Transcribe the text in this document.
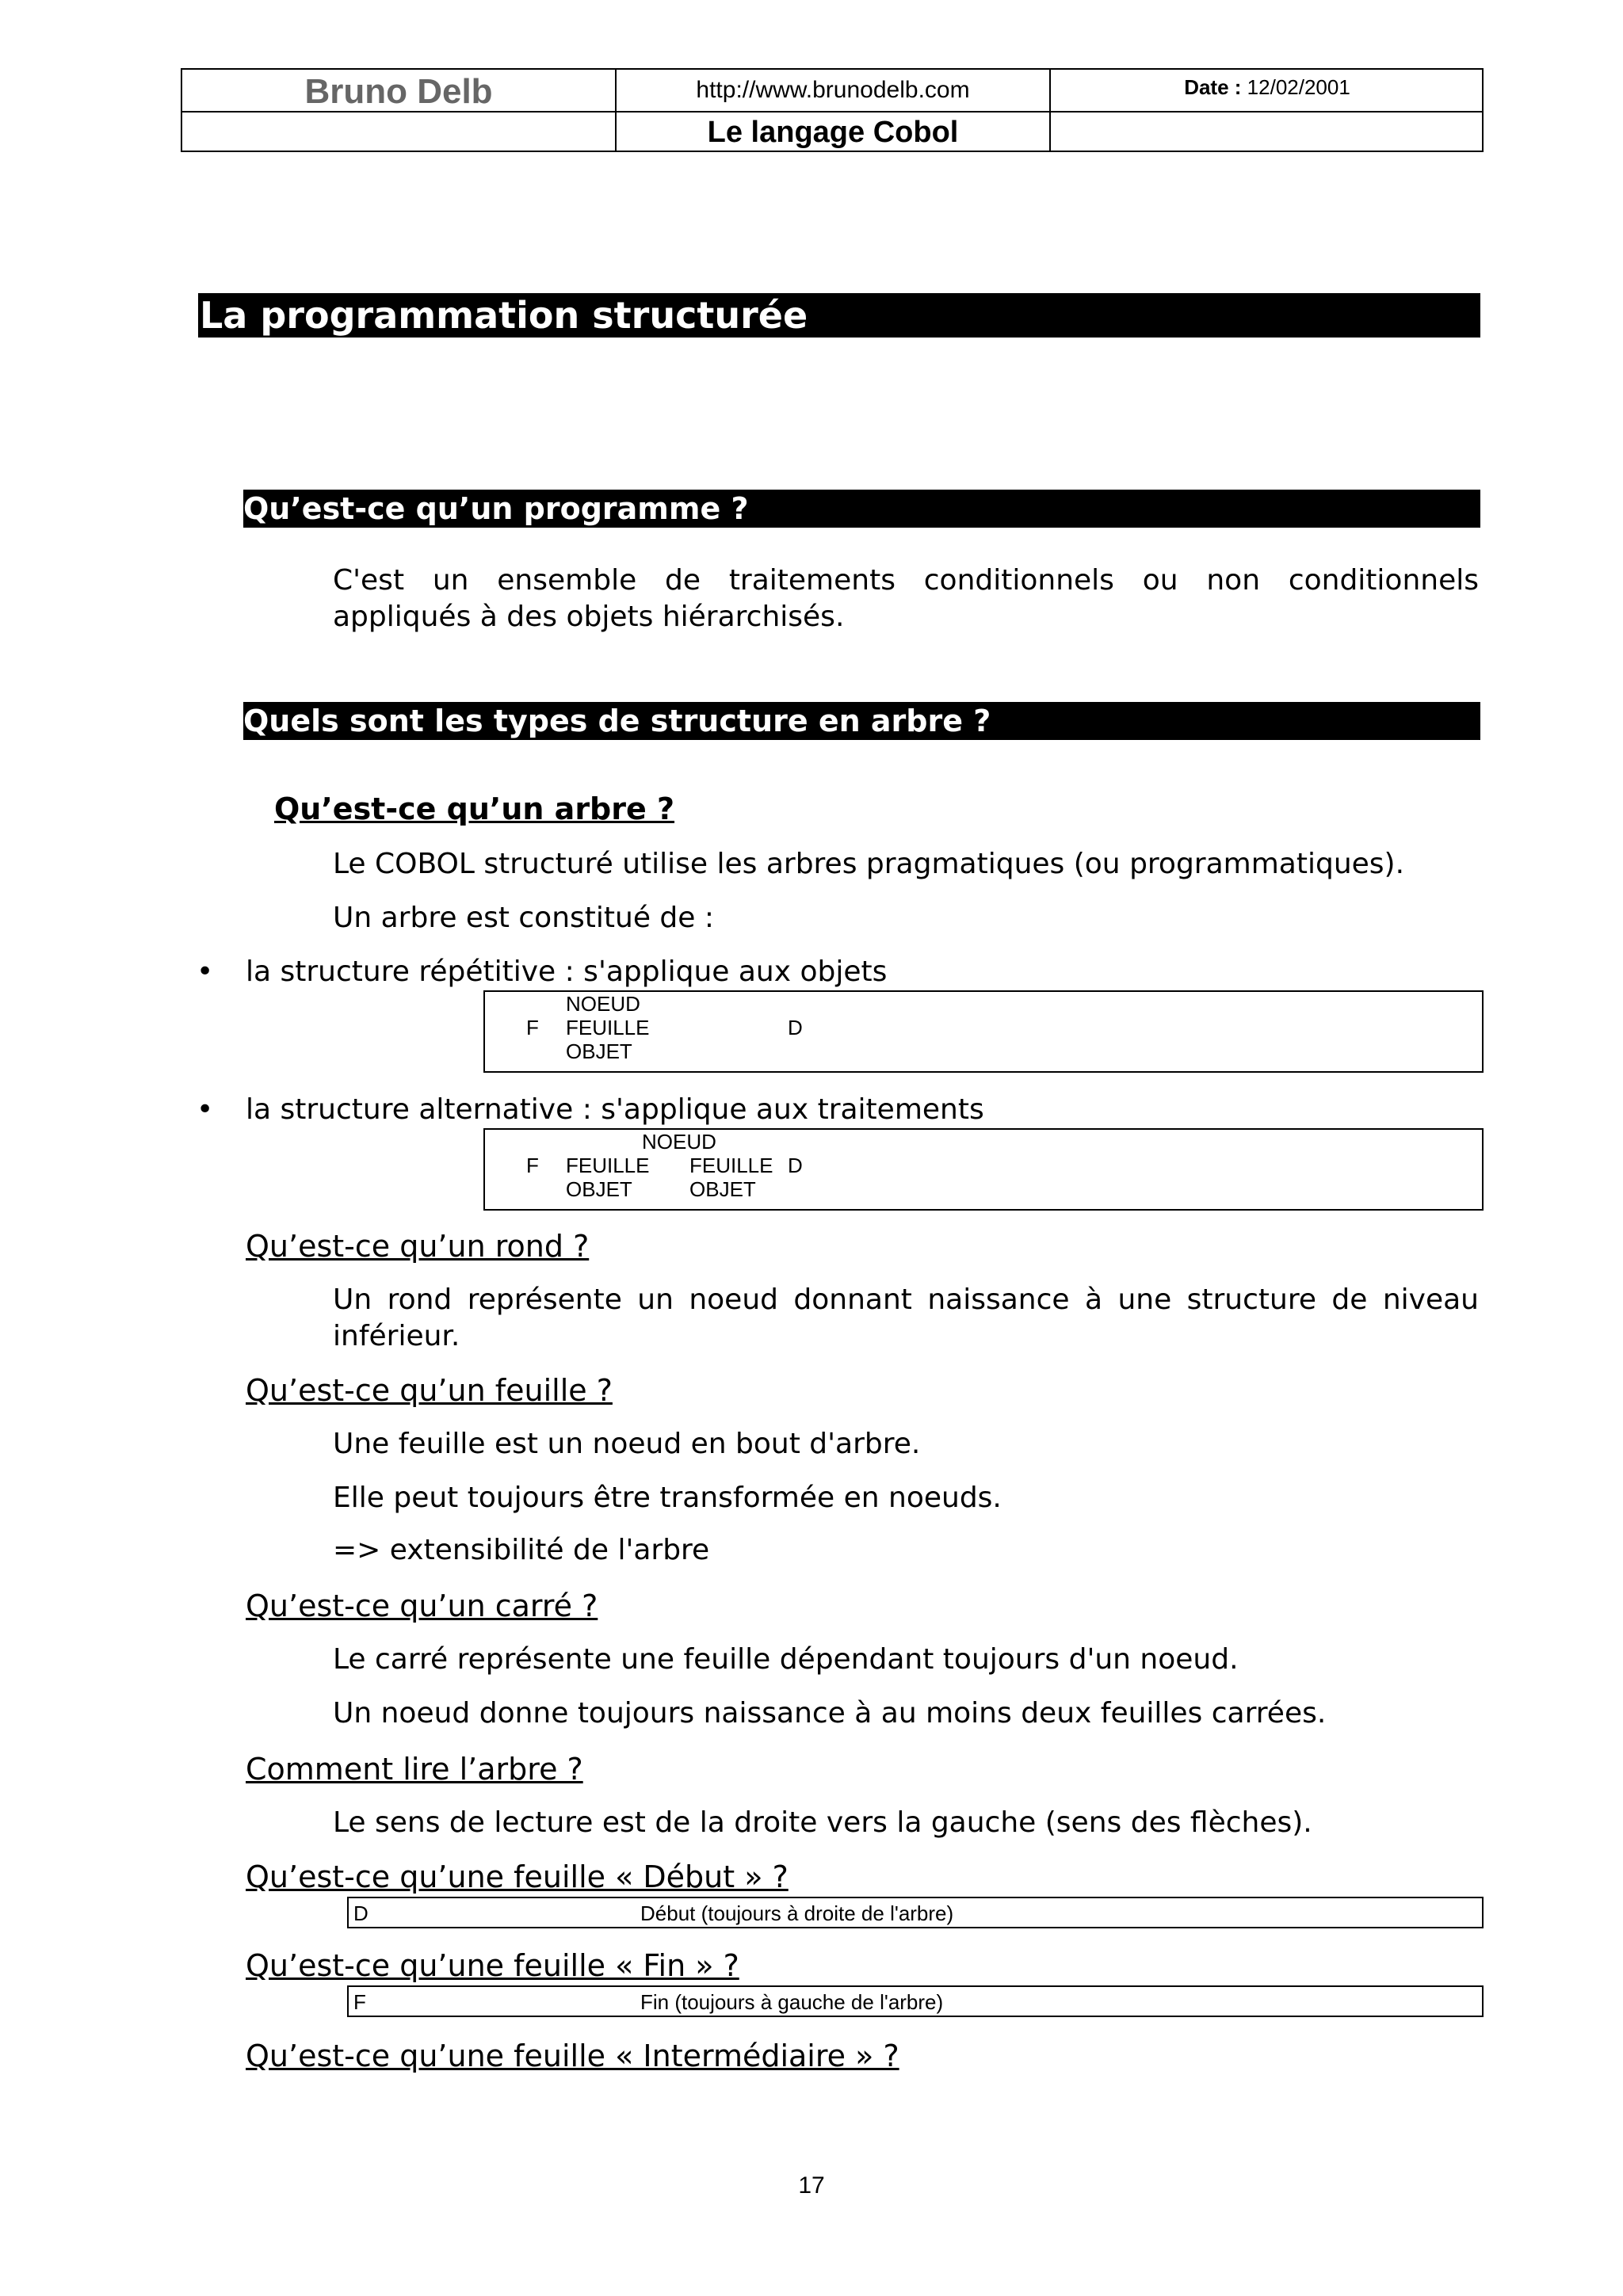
Bruno Delb	http://www.brunodelb.com	Date : 12/02/2001
Le langage Cobol
La programmation structurée
Qu’est-ce qu’un programme ?
C'est un ensemble de traitements conditionnels ou non conditionnels
appliqués à des objets hiérarchisés.
Quels sont les types de structure en arbre ?
Qu’est-ce qu’un arbre ?
Le COBOL structuré utilise les arbres pragmatiques (ou programmatiques).
Un arbre est constitué de :
• la structure répétitive : s'applique aux objets
NOEUD
F FEUILLE	D
OBJET
• la structure alternative : s'applique aux traitements
NOEUD
F FEUILLE FEUILLE D
OBJET	OBJET
Qu’est-ce qu’un rond ?
Un rond représente un noeud donnant naissance à une structure de niveau
inférieur.
Qu’est-ce qu’un feuille ?
Une feuille est un noeud en bout d'arbre.
Elle peut toujours être transformée en noeuds.
=> extensibilité de l'arbre
Qu’est-ce qu’un carré ?
Le carré représente une feuille dépendant toujours d'un noeud.
Un noeud donne toujours naissance à au moins deux feuilles carrées.
Comment lire l’arbre ?
Le sens de lecture est de la droite vers la gauche (sens des flèches).
Qu’est-ce qu’une feuille « Début » ?
D	Début (toujours à droite de l'arbre)
Qu’est-ce qu’une feuille « Fin » ?
F	Fin (toujours à gauche de l'arbre)
Qu’est-ce qu’une feuille « Intermédiaire » ?
17
